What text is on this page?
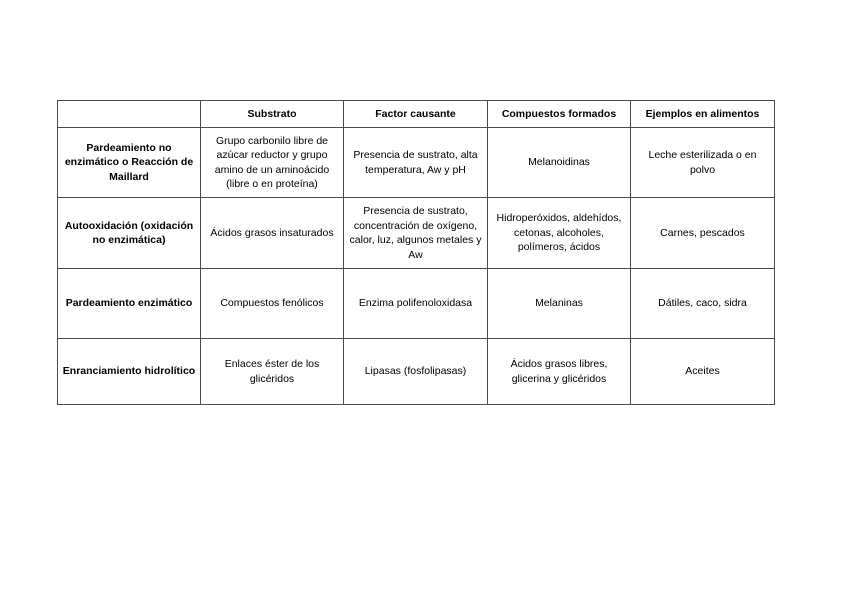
	Substrato	Factor causante	Compuestos formados	Ejemplos en alimentos
Pardeamiento no enzimático o Reacción de Maillard	Grupo carbonilo libre de azúcar reductor y grupo amino de un aminoácido (libre o en proteína)	Presencia de sustrato, alta temperatura, Aw y pH	Melanoidinas	Leche esterilizada o en polvo
Autooxidación (oxidación no enzimática)	Ácidos grasos insaturados	Presencia de sustrato, concentración de oxígeno, calor, luz, algunos metales y Aw	Hidroperóxidos, aldehídos, cetonas, alcoholes, polímeros, ácidos	Carnes, pescados
Pardeamiento enzimático	Compuestos fenólicos	Enzima polifenoloxidasa	Melaninas	Dátiles, caco, sidra
Enranciamiento hidrolítico	Enlaces éster de los glicéridos	Lipasas (fosfolipasas)	Ácidos grasos libres, glicerina y glicéridos	Aceites
